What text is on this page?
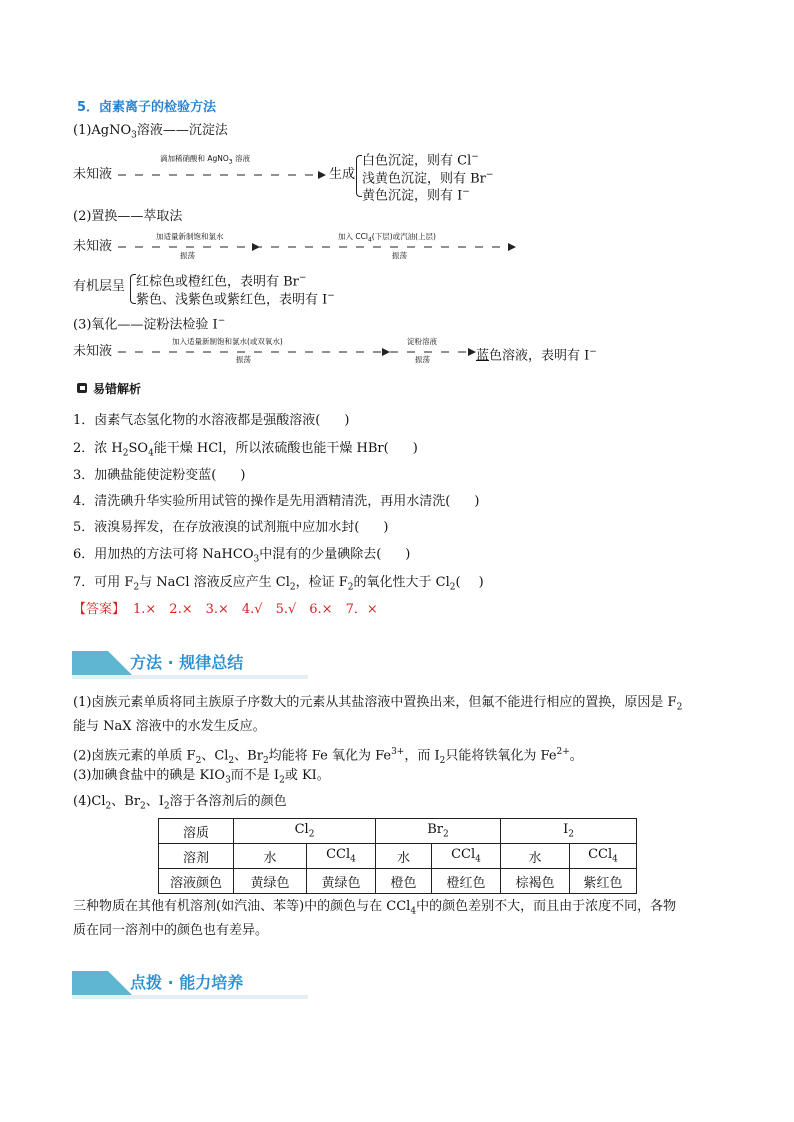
5．卤素离子的检验方法
(1)AgNO$_3$溶液——沉淀法
未知液
滴加稀硝酸和 AgNO$_3$ 溶液
生成
白色沉淀，则有 Cl−
浅黄色沉淀，则有 Br−
黄色沉淀，则有 I−
(2)置换——萃取法
未知液
加适量新制饱和氯水
振荡
加入 CCl$_4$(下层)或汽油(上层)
振荡
有机层呈 红棕色或橙红色，表明有 Br−
紫色、浅紫色或紫红色，表明有 I−
(3)氧化——淀粉法检验 I−
未知液
加入适量新制饱和氯水(或双氧水)
振荡
淀粉溶液
振荡	蓝色溶液，表明有 I−
易错解析
1．卤素气态氢化物的水溶液都是强酸溶液( )
2．浓 $H_2SO_4$能干燥 HCl，所以浓硫酸也能干燥 HBr( )
3．加碘盐能使淀粉变蓝( )
4．清洗碘升华实验所用试管的操作是先用酒精清洗，再用水清洗( )
5．液溴易挥发，在存放液溴的试剂瓶中应加水封( )
6．用加热的方法可将 NaHCO$_3$中混有的少量碘除去( )
7．可用 $F_2$与 NaCl 溶液反应产生 $Cl_2$，检证 $F_2$的氧化性大于 $Cl_2$( )
【答案】 1.×　2.×　3.×　4.√　5.√　6.×　7．×
方法 · 规律总结
(1)卤族元素单质将同主族原子序数大的元素从其盐溶液中置换出来，但氟不能进行相应的置换，原因是 $F_2$
能与 NaX 溶液中的水发生反应。
(2)卤族元素的单质 $F_2$、$Cl_2$、$Br_2$均能将 Fe 氧化为 $Fe^{3+}$，而 $I_2$只能将铁氧化为 $Fe^{2+}$。
(3)加碘食盐中的碘是 $KIO_3$而不是 $I_2$或 KI。
$(4)Cl_2$、$Br_2$、$I_2$溶于各溶剂后的颜色
溶质	$Cl_2$		$Br_2$		$I_2$
溶剂	水	CCl$_4$	水	CCl$_4$	水	CCl$_4$
溶液颜色	黄绿色	黄绿色	橙色	橙红色	棕褐色	紫红色
三种物质在其他有机溶剂(如汽油、苯等)中的颜色与在 CCl$_4$中的颜色差别不大，而且由于浓度不同，各物
质在同一溶剂中的颜色也有差异。
点拨 · 能力培养
